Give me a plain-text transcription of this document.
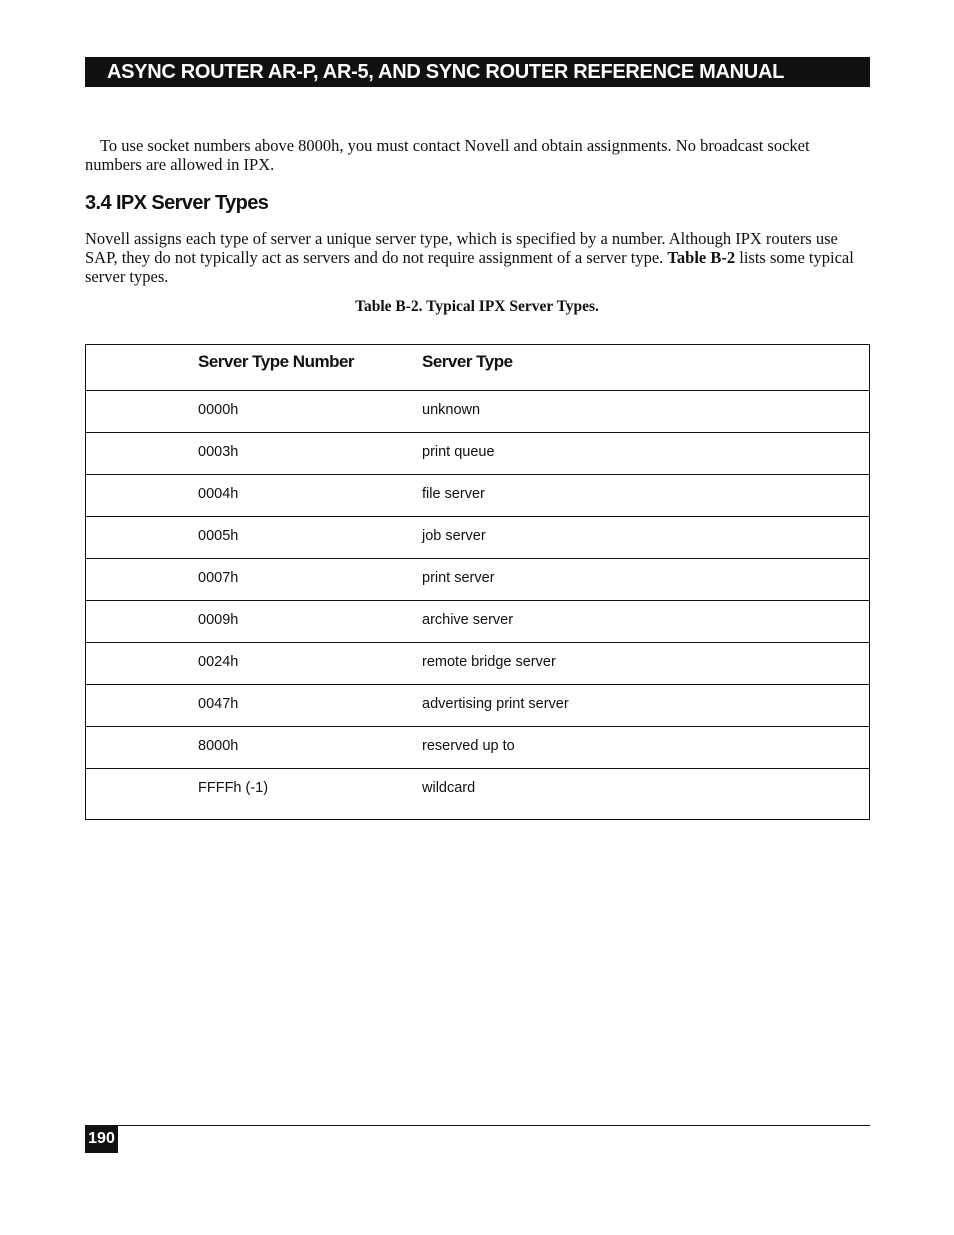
ASYNC ROUTER AR-P, AR-5, AND SYNC ROUTER REFERENCE MANUAL

To use socket numbers above 8000h, you must contact Novell and obtain assignments. No broadcast socket numbers are allowed in IPX.

3.4 IPX Server Types

Novell assigns each type of server a unique server type, which is specified by a number. Although IPX routers use SAP, they do not typically act as servers and do not require assignment of a server type. Table B-2 lists some typical server types.

Table B-2. Typical IPX Server Types.

Server Type Number	Server Type
0000h	unknown
0003h	print queue
0004h	file server
0005h	job server
0007h	print server
0009h	archive server
0024h	remote bridge server
0047h	advertising print server
8000h	reserved up to
FFFFh (-1)	wildcard
190
